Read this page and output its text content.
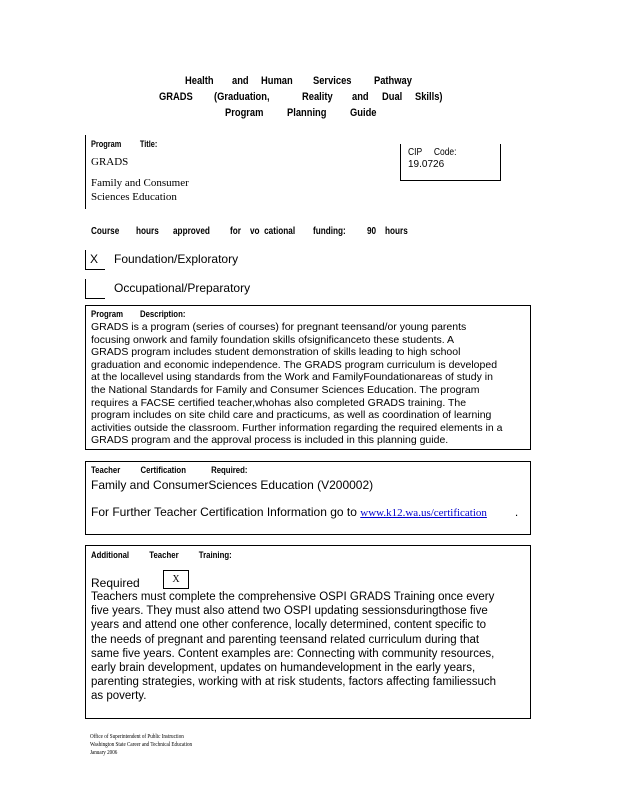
Health and Human Services Pathway
GRADS (Graduation,	Reality and Dual Skills)
Program Planning Guide
Program Title:
GRADS
Family and Consumer
Sciences Education
CIP     Code:
19.0726
Course hours approved for vo  cational funding: 90 hours
X Foundation/Exploratory
Occupational/Preparatory
Program Description:
GRADS is a program (series of courses) for pregnant teensand/or young parents
focusing onwork and family foundation skills ofsignificanceto these students. A
GRADS program includes student demonstration of skills leading to high school
graduation and economic independence. The GRADS program curriculum is developed
at the locallevel using standards from the Work and FamilyFoundationareas of study in
the National Standards for Family and Consumer Sciences Education. The program
requires a FACSE certified teacher,whohas also completed GRADS training. The
program includes on site child care and practicums, as well as coordination of learning
activities outside the classroom. Further information regarding the required elements in a
GRADS program and the approval process is included in this planning guide.
Teacher Certification	Required:
Family and ConsumerSciences Education (V200002)
For Further Teacher Certification Information go to www.k12.wa.us/certification .
Additional Teacher Training:
Required	X
Teachers must complete the comprehensive OSPI GRADS Training once every
five years. They must also attend two OSPI updating sessionsduringthose five
years and attend one other conference, locally determined, content specific to
the needs of pregnant and parenting teensand related curriculum during that
same five years. Content examples are: Connecting with community resources,
early brain development, updates on humandevelopment in the early years,
parenting strategies, working with at risk students, factors affecting familiessuch
as poverty.
Office of Superintendent of Public Instruction
Washington State Career and Technical Education
January 2006
